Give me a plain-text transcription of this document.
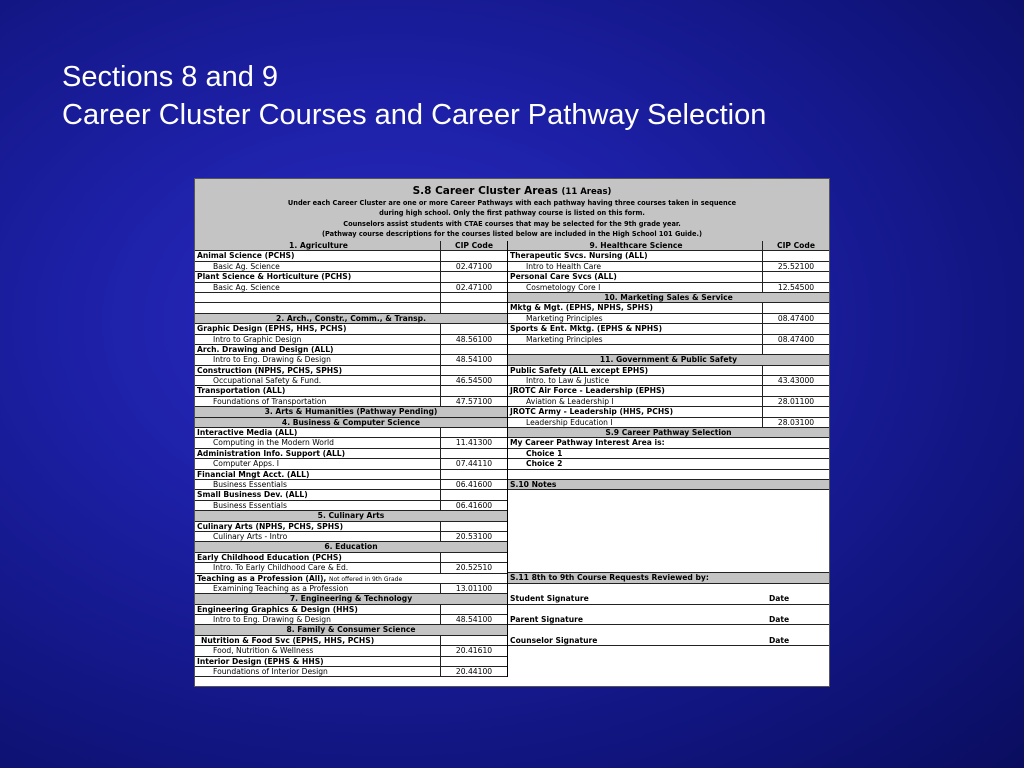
Sections 8 and 9
Career Cluster Courses and Career Pathway Selection
S.8 Career Cluster Areas (11 Areas)
Under each Career Cluster are one or more Career Pathways with each pathway having three courses taken in sequence
during high school. Only the first pathway course is listed on this form.
Counselors assist students with CTAE courses that may be selected for the 9th grade year.
(Pathway course descriptions for the courses listed below are included in the High School 101 Guide.)
1. Agriculture	CIP Code
Animal Science (PCHS)
Basic Ag. Science	02.47100
Plant Science & Horticulture (PCHS)
Basic Ag. Science	02.47100
2. Arch., Constr., Comm., & Transp.
Graphic Design (EPHS, HHS, PCHS)
Intro to Graphic Design	48.56100
Arch. Drawing and Design (ALL)
Intro to Eng. Drawing & Design	48.54100
Construction (NPHS, PCHS, SPHS)
Occupational Safety & Fund.	46.54500
Transportation (ALL)
Foundations of Transportation	47.57100
3. Arts & Humanities (Pathway Pending)
4. Business & Computer Science
Interactive Media (ALL)
Computing in the Modern World	11.41300
Administration Info. Support (ALL)
Computer Apps. I	07.44110
Financial Mngt Acct. (ALL)
Business Essentials	06.41600
Small Business Dev. (ALL)
Business Essentials	06.41600
5. Culinary Arts
Culinary Arts (NPHS, PCHS, SPHS)
Culinary Arts - Intro	20.53100
6. Education
Early Childhood Education (PCHS)
Intro. To Early Childhood Care & Ed.	20.52510
Teaching as a Profession (All), Not offered in 9th Grade
Examining Teaching as a Profession	13.01100
7. Engineering & Technology
Engineering Graphics & Design (HHS)
Intro to Eng. Drawing & Design	48.54100
8. Family & Consumer Science
Nutrition & Food Svc (EPHS, HHS, PCHS)
Food, Nutrition & Wellness	20.41610
Interior Design (EPHS & HHS)
Foundations of Interior Design	20.44100
9. Healthcare Science	CIP Code
Therapeutic Svcs. Nursing (ALL)
Intro to Health Care	25.52100
Personal Care Svcs (ALL)
Cosmetology Core I	12.54500
10. Marketing Sales & Service
Mktg & Mgt. (EPHS, NPHS, SPHS)
Marketing Principles	08.47400
Sports & Ent. Mktg. (EPHS & NPHS)
Marketing Principles	08.47400
11. Government & Public Safety
Public Safety (ALL except EPHS)
Intro. to Law & Justice	43.43000
JROTC Air Force - Leadership (EPHS)
Aviation & Leadership I	28.01100
JROTC Army - Leadership (HHS, PCHS)
Leadership Education I	28.03100
S.9 Career Pathway Selection
My Career Pathway Interest Area is:
Choice 1
Choice 2
S.10 Notes
S.11 8th to 9th Course Requests Reviewed by:
Student Signature	Date
Parent Signature	Date
Counselor Signature	Date
